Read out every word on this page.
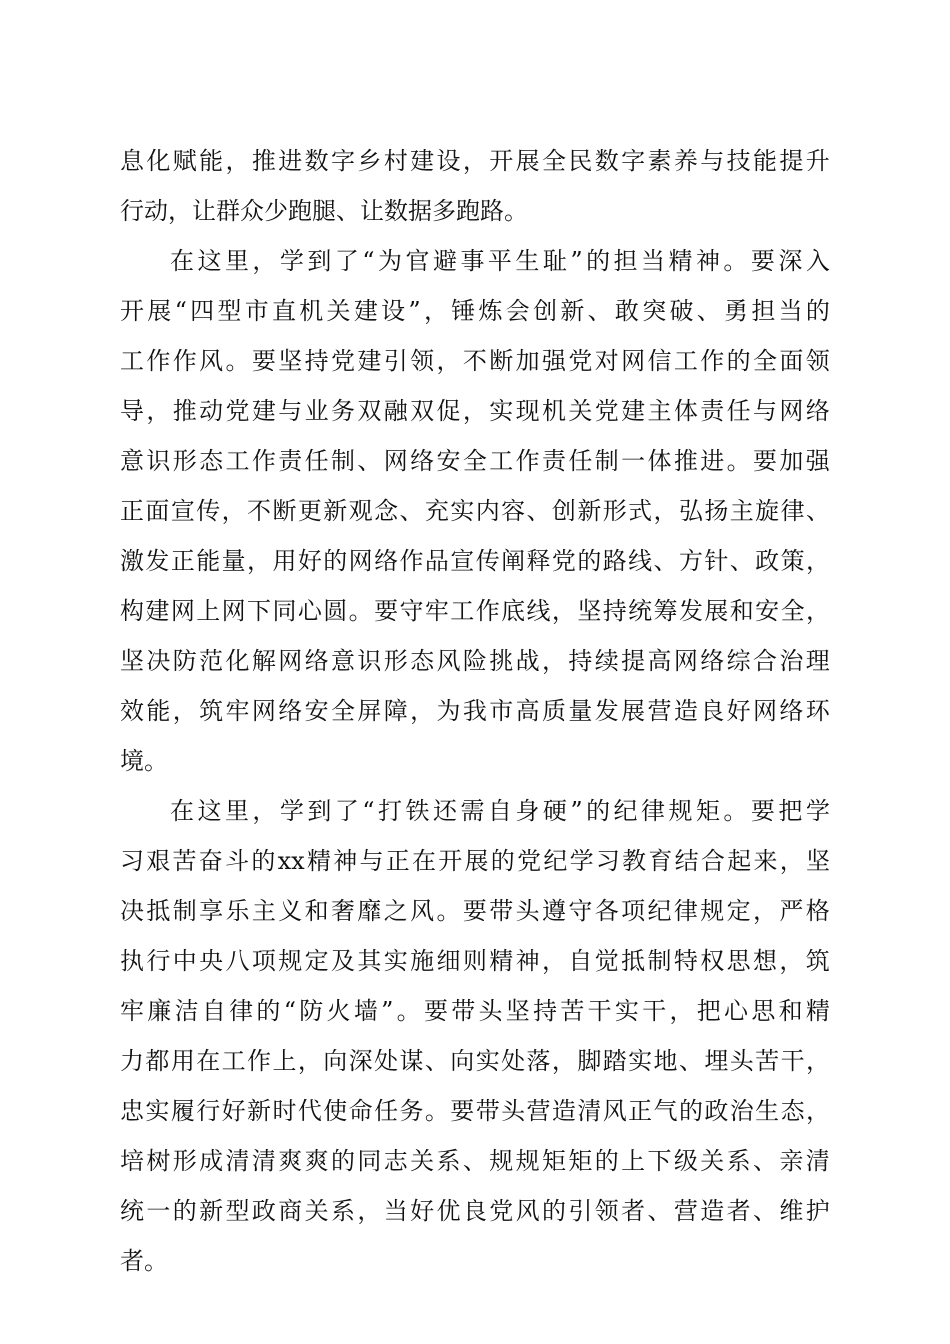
息 化 赋 能 ， 推 进 数 字 乡 村 建 设 ， 开 展 全 民 数 字 素 养 与 技 能 提 升
行动，让群众少跑腿、让数据多跑路。
在 这 里 ， 学 到 了 “ 为 官 避 事 平 生 耻 ” 的 担 当 精 神 。 要 深 入
开 展 “ 四 型 市 直 机 关 建 设 ” ， 锤 炼 会 创 新 、 敢 突 破 、 勇 担 当 的
工 作 作 风 。 要 坚 持 党 建 引 领 ， 不 断 加 强 党 对 网 信 工 作 的 全 面 领
导 ， 推 动 党 建 与 业 务 双 融 双 促 ， 实 现 机 关 党 建 主 体 责 任 与 网 络
意 识 形 态 工 作 责 任 制 、 网 络 安 全 工 作 责 任 制 一 体 推 进 。 要 加 强
正 面 宣 传 ， 不 断 更 新 观 念 、 充 实 内 容 、 创 新 形 式 ， 弘 扬 主 旋 律 、
激 发 正 能 量 ， 用 好 的 网 络 作 品 宣 传 阐 释 党 的 路 线 、 方 针 、 政 策 ，
构 建 网 上 网 下 同 心 圆 。 要 守 牢 工 作 底 线 ， 坚 持 统 筹 发 展 和 安 全 ，
坚 决 防 范 化 解 网 络 意 识 形 态 风 险 挑 战 ， 持 续 提 高 网 络 综 合 治 理
效 能 ， 筑 牢 网 络 安 全 屏 障 ， 为 我 市 高 质 量 发 展 营 造 良 好 网 络 环
境。
在 这 里 ， 学 到 了 “ 打 铁 还 需 自 身 硬 ” 的 纪 律 规 矩 。 要 把 学
习 艰 苦 奋 斗 的 xx 精 神 与 正 在 开 展 的 党 纪 学 习 教 育 结 合 起 来 ， 坚
决 抵 制 享 乐 主 义 和 奢 靡 之 风 。 要 带 头 遵 守 各 项 纪 律 规 定 ， 严 格
执 行 中 央 八 项 规 定 及 其 实 施 细 则 精 神 ， 自 觉 抵 制 特 权 思 想 ， 筑
牢 廉 洁 自 律 的 “ 防 火 墙 ” 。 要 带 头 坚 持 苦 干 实 干 ， 把 心 思 和 精
力 都 用 在 工 作 上 ， 向 深 处 谋 、 向 实 处 落 ， 脚 踏 实 地 、 埋 头 苦 干 ，
忠 实 履 行 好 新 时 代 使 命 任 务 。 要 带 头 营 造 清 风 正 气 的 政 治 生 态 ，
培 树 形 成 清 清 爽 爽 的 同 志 关 系 、 规 规 矩 矩 的 上 下 级 关 系 、 亲 清
统 一 的 新 型 政 商 关 系 ， 当 好 优 良 党 风 的 引 领 者 、 营 造 者 、 维 护
者。
